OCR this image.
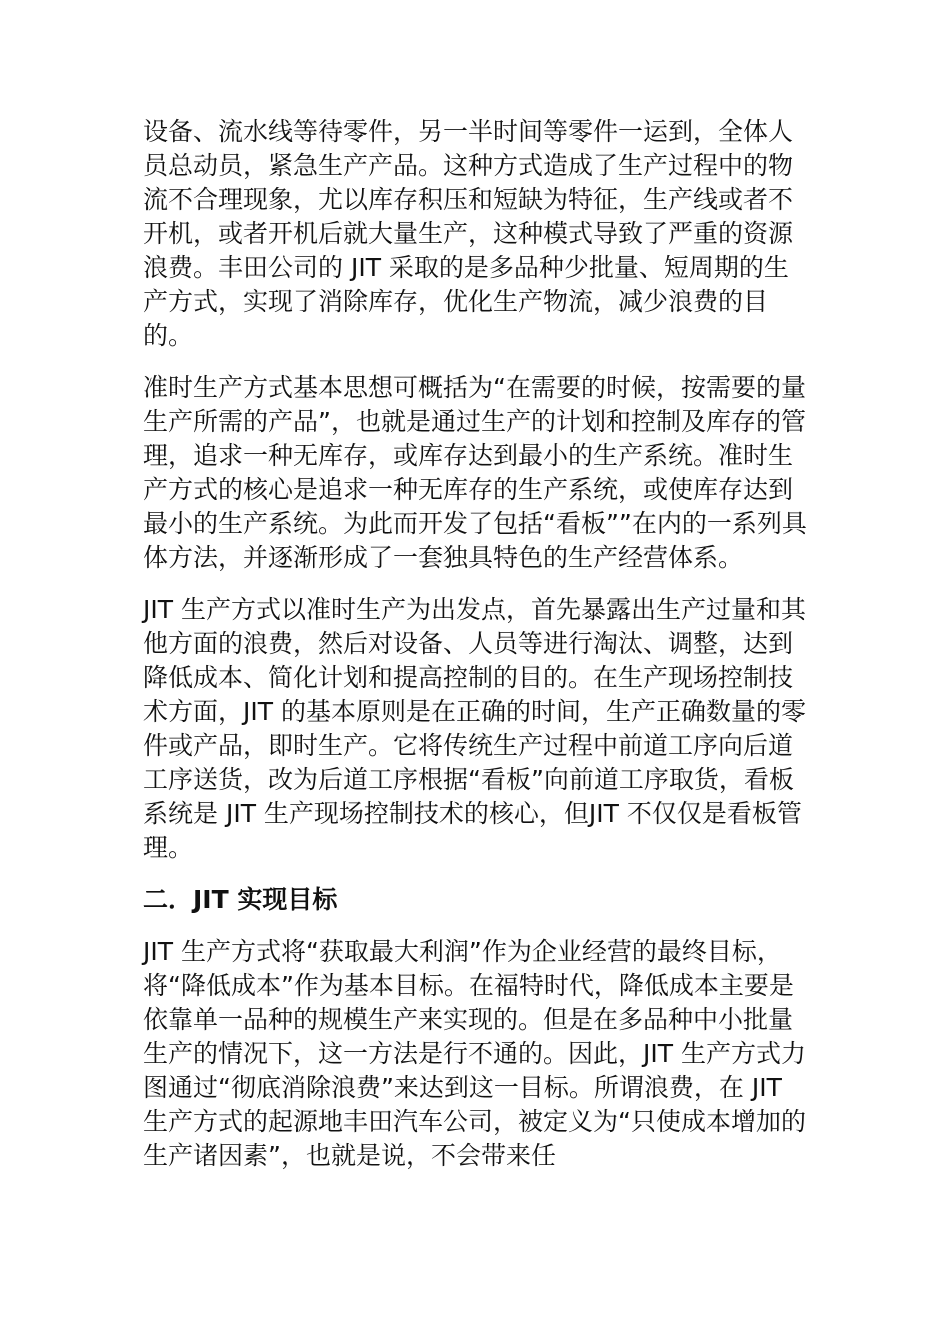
设备、流水线等待零件，另一半时间等零件一运到，全体人员总动员，紧急生产产品。这种方式造成了生产过程中的物流不合理现象，尤以库存积压和短缺为特征，生产线或者不开机，或者开机后就大量生产，这种模式导致了严重的资源浪费。丰田公司的 JIT 采取的是多品种少批量、短周期的生产方式，实现了消除库存，优化生产物流，减少浪费的目的。

准时生产方式基本思想可概括为“在需要的时候，按需要的量生产所需的产品”，也就是通过生产的计划和控制及库存的管理，追求一种无库存，或库存达到最小的生产系统。准时生产方式的核心是追求一种无库存的生产系统，或使库存达到最小的生产系统。为此而开发了包括“看板””在内的一系列具体方法，并逐渐形成了一套独具特色的生产经营体系。

JIT 生产方式以准时生产为出发点，首先暴露出生产过量和其他方面的浪费，然后对设备、人员等进行淘汰、调整，达到降低成本、简化计划和提高控制的目的。在生产现场控制技术方面，JIT 的基本原则是在正确的时间，生产正确数量的零件或产品，即时生产。它将传统生产过程中前道工序向后道工序送货，改为后道工序根据“看板”向前道工序取货，看板系统是 JIT 生产现场控制技术的核心，但JIT 不仅仅是看板管理。

二．JIT 实现目标

JIT 生产方式将“获取最大利润”作为企业经营的最终目标，将“降低成本”作为基本目标。在福特时代，降低成本主要是依靠单一品种的规模生产来实现的。但是在多品种中小批量生产的情况下，这一方法是行不通的。因此，JIT 生产方式力图通过“彻底消除浪费”来达到这一目标。所谓浪费，在 JIT 生产方式的起源地丰田汽车公司，被定义为“只使成本增加的生产诸因素”，也就是说，不会带来任
